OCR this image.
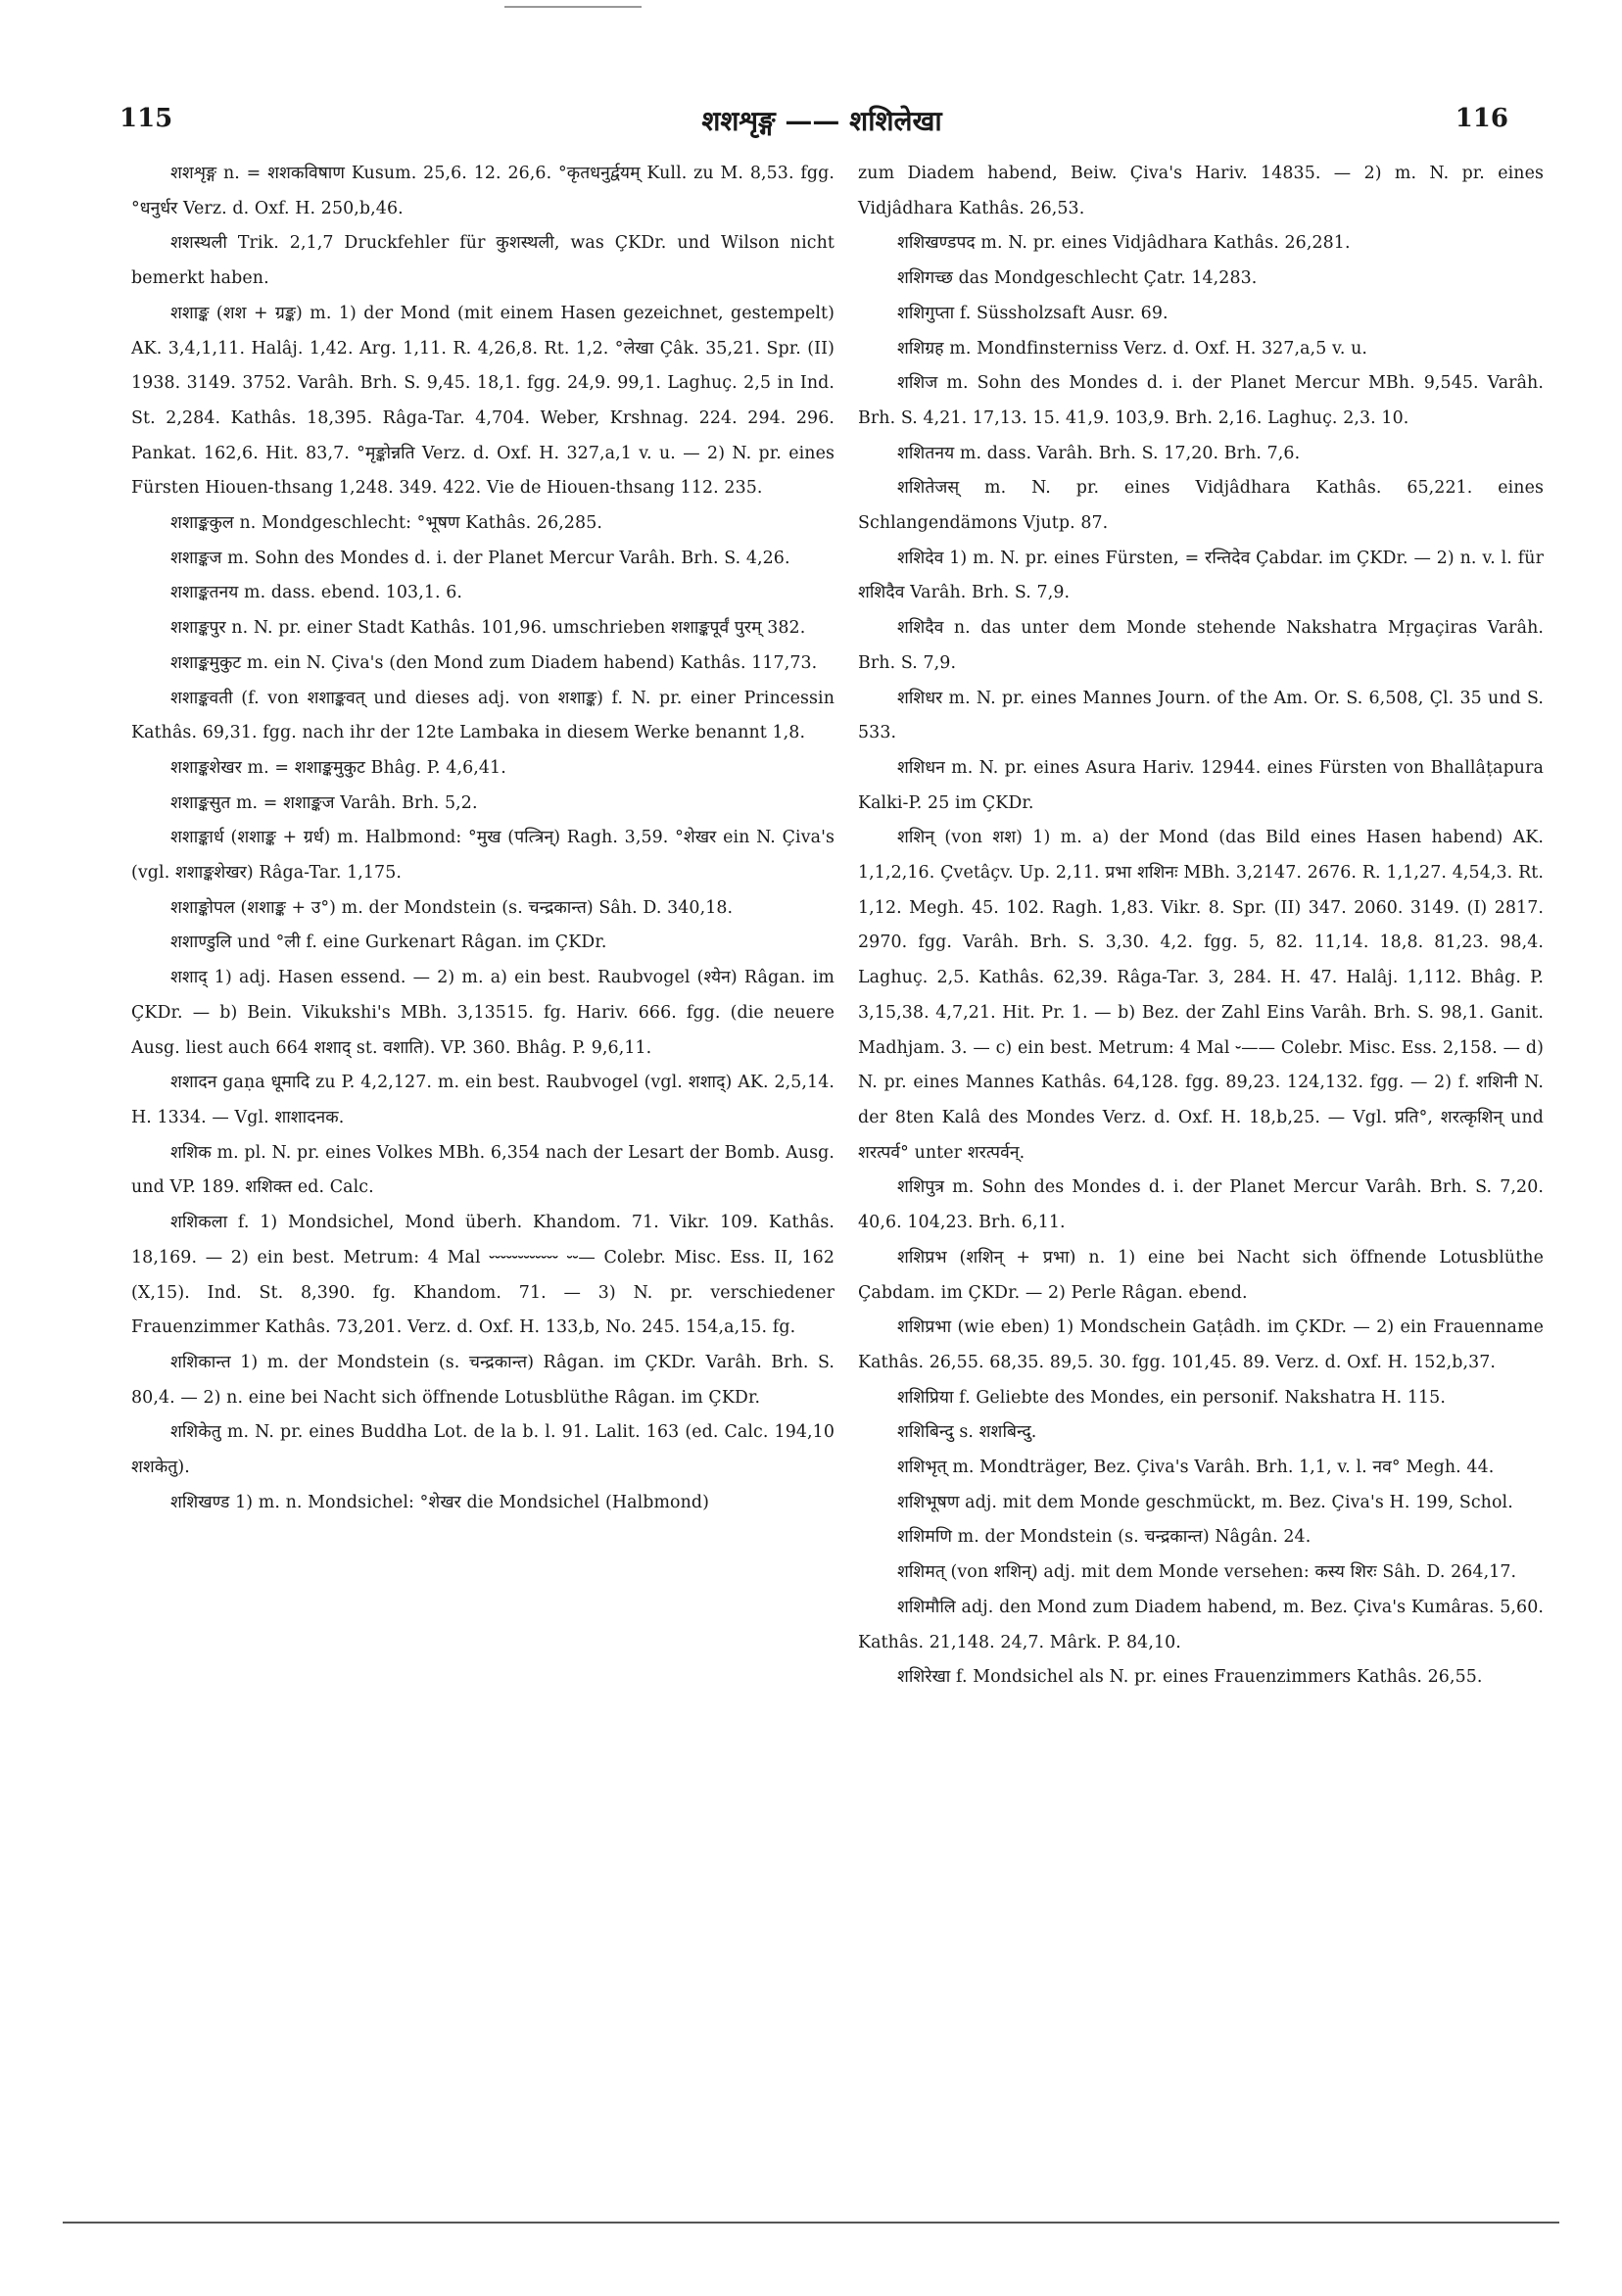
115	शशशृङ्ग —— शशिलेखा	116

शशशृङ्ग n. = शशकविषाण Kusum. 25,6. 12. 26,6. °कृतधनुर्द्वयम् Kull. zu M. 8,53. fgg. °धनुर्धर Verz. d. Oxf. H. 250,b,46.

शशस्थली Trik. 2,1,7 Druckfehler für कुशस्थली, was ÇKDr. und Wilson nicht bemerkt haben.

शशाङ्क (शश + ग्रङ्क) m. 1) der Mond (mit einem Hasen gezeichnet, gestempelt) AK. 3,4,1,11. Halâj. 1,42. Arg. 1,11. R. 4,26,8. Rt. 1,2. °लेखा Çâk. 35,21. Spr. (II) 1938. 3149. 3752. Varâh. Brh. S. 9,45. 18,1. fgg. 24,9. 99,1. Laghuç. 2,5 in Ind. St. 2,284. Kathâs. 18,395. Râga-Tar. 4,704. Weber, Krshnag. 224. 294. 296. Pankat. 162,6. Hit. 83,7. °मृङ्कोन्नति Verz. d. Oxf. H. 327,a,1 v. u. — 2) N. pr. eines Fürsten Hiouen-thsang 1,248. 349. 422. Vie de Hiouen-thsang 112. 235.

शशाङ्ककुल n. Mondgeschlecht: °भूषण Kathâs. 26,285.

शशाङ्कज m. Sohn des Mondes d. i. der Planet Mercur Varâh. Brh. S. 4,26.

शशाङ्कतनय m. dass. ebend. 103,1. 6.

शशाङ्कपुर n. N. pr. einer Stadt Kathâs. 101,96. umschrieben शशाङ्कपूर्वं पुरम् 382.

शशाङ्कमुकुट m. ein N. Çiva's (den Mond zum Diadem habend) Kathâs. 117,73.

शशाङ्कवती (f. von शशाङ्कवत् und dieses adj. von शशाङ्क) f. N. pr. einer Princessin Kathâs. 69,31. fgg. nach ihr der 12te Lambaka in diesem Werke benannt 1,8.

शशाङ्कशेखर m. = शशाङ्कमुकुट Bhâg. P. 4,6,41.

शशाङ्कसुत m. = शशाङ्कज Varâh. Brh. 5,2.

शशाङ्कार्ध (शशाङ्क + ग्रर्ध) m. Halbmond: °मुख (पत्त्रिन्) Ragh. 3,59. °शेखर ein N. Çiva's (vgl. शशाङ्कशेखर) Râga-Tar. 1,175.

शशाङ्कोपल (शशाङ्क + उ°) m. der Mondstein (s. चन्द्रकान्त) Sâh. D. 340,18.

शशाण्डुलि und °ली f. eine Gurkenart Râgan. im ÇKDr.

शशाद् 1) adj. Hasen essend. — 2) m. a) ein best. Raubvogel (श्येन) Râgan. im ÇKDr. — b) Bein. Vikukshi's MBh. 3,13515. fg. Hariv. 666. fgg. (die neuere Ausg. liest auch 664 शशाद् st. वशाति). VP. 360. Bhâg. P. 9,6,11.

शशादन gaṇa धूमादि zu P. 4,2,127. m. ein best. Raubvogel (vgl. शशाद्) AK. 2,5,14. H. 1334. — Vgl. शाशादनक.

शशिक m. pl. N. pr. eines Volkes MBh. 6,354 nach der Lesart der Bomb. Ausg. und VP. 189. शशिक्त ed. Calc.

शशिकला f. 1) Mondsichel, Mond überh. Khandom. 71. Vikr. 109. Kathâs. 18,169. — 2) ein best. Metrum: 4 Mal ⏑⏑⏑⏑⏑⏑⏑⏑⏑⏑⏑⏑ ⏑⏑— Colebr. Misc. Ess. II, 162 (X,15). Ind. St. 8,390. fg. Khandom. 71. — 3) N. pr. verschiedener Frauenzimmer Kathâs. 73,201. Verz. d. Oxf. H. 133,b, No. 245. 154,a,15. fg.

शशिकान्त 1) m. der Mondstein (s. चन्द्रकान्त) Râgan. im ÇKDr. Varâh. Brh. S. 80,4. — 2) n. eine bei Nacht sich öffnende Lotusblüthe Râgan. im ÇKDr.

शशिकेतु m. N. pr. eines Buddha Lot. de la b. l. 91. Lalit. 163 (ed. Calc. 194,10 शशकेतु).

शशिखण्ड 1) m. n. Mondsichel: °शेखर die Mondsichel (Halbmond)

zum Diadem habend, Beiw. Çiva's Hariv. 14835. — 2) m. N. pr. eines Vidjâdhara Kathâs. 26,53.

शशिखण्डपद m. N. pr. eines Vidjâdhara Kathâs. 26,281.

शशिगच्छ das Mondgeschlecht Çatr. 14,283.

शशिगुप्ता f. Süssholzsaft Ausr. 69.

शशिग्रह m. Mondfinsterniss Verz. d. Oxf. H. 327,a,5 v. u.

शशिज m. Sohn des Mondes d. i. der Planet Mercur MBh. 9,545. Varâh. Brh. S. 4,21. 17,13. 15. 41,9. 103,9. Brh. 2,16. Laghuç. 2,3. 10.

शशितनय m. dass. Varâh. Brh. S. 17,20. Brh. 7,6.

शशितेजस् m. N. pr. eines Vidjâdhara Kathâs. 65,221. eines Schlangendämons Vjutp. 87.

शशिदेव 1) m. N. pr. eines Fürsten, = रन्तिदेव Çabdar. im ÇKDr. — 2) n. v. l. für शशिदैव Varâh. Brh. S. 7,9.

शशिदैव n. das unter dem Monde stehende Nakshatra Mṛgaçiras Varâh. Brh. S. 7,9.

शशिधर m. N. pr. eines Mannes Journ. of the Am. Or. S. 6,508, Çl. 35 und S. 533.

शशिधन m. N. pr. eines Asura Hariv. 12944. eines Fürsten von Bhallâṭapura Kalki-P. 25 im ÇKDr.

शशिन् (von शश) 1) m. a) der Mond (das Bild eines Hasen habend) AK. 1,1,2,16. Çvetâçv. Up. 2,11. प्रभा शशिनः MBh. 3,2147. 2676. R. 1,1,27. 4,54,3. Rt. 1,12. Megh. 45. 102. Ragh. 1,83. Vikr. 8. Spr. (II) 347. 2060. 3149. (I) 2817. 2970. fgg. Varâh. Brh. S. 3,30. 4,2. fgg. 5, 82. 11,14. 18,8. 81,23. 98,4. Laghuç. 2,5. Kathâs. 62,39. Râga-Tar. 3, 284. H. 47. Halâj. 1,112. Bhâg. P. 3,15,38. 4,7,21. Hit. Pr. 1. — b) Bez. der Zahl Eins Varâh. Brh. S. 98,1. Ganit. Madhjam. 3. — c) ein best. Metrum: 4 Mal ⏑—— Colebr. Misc. Ess. 2,158. — d) N. pr. eines Mannes Kathâs. 64,128. fgg. 89,23. 124,132. fgg. — 2) f. शशिनी N. der 8ten Kalâ des Mondes Verz. d. Oxf. H. 18,b,25. — Vgl. प्रति°, शरत्कृशिन् und शरत्पर्व° unter शरत्पर्वन्.

शशिपुत्र m. Sohn des Mondes d. i. der Planet Mercur Varâh. Brh. S. 7,20. 40,6. 104,23. Brh. 6,11.

शशिप्रभ (शशिन् + प्रभा) n. 1) eine bei Nacht sich öffnende Lotusblüthe Çabdam. im ÇKDr. — 2) Perle Râgan. ebend.

शशिप्रभा (wie eben) 1) Mondschein Gaṭâdh. im ÇKDr. — 2) ein Frauenname Kathâs. 26,55. 68,35. 89,5. 30. fgg. 101,45. 89. Verz. d. Oxf. H. 152,b,37.

शशिप्रिया f. Geliebte des Mondes, ein personif. Nakshatra H. 115.

शशिबिन्दु s. शशबिन्दु.

शशिभृत् m. Mondträger, Bez. Çiva's Varâh. Brh. 1,1, v. l. नव° Megh. 44.

शशिभूषण adj. mit dem Monde geschmückt, m. Bez. Çiva's H. 199, Schol.

शशिमणि m. der Mondstein (s. चन्द्रकान्त) Nâgân. 24.

शशिमत् (von शशिन्) adj. mit dem Monde versehen: कस्य शिरः Sâh. D. 264,17.

शशिमौलि adj. den Mond zum Diadem habend, m. Bez. Çiva's Kumâras. 5,60. Kathâs. 21,148. 24,7. Mârk. P. 84,10.

शशिरेखा f. Mondsichel als N. pr. eines Frauenzimmers Kathâs. 26,55.
